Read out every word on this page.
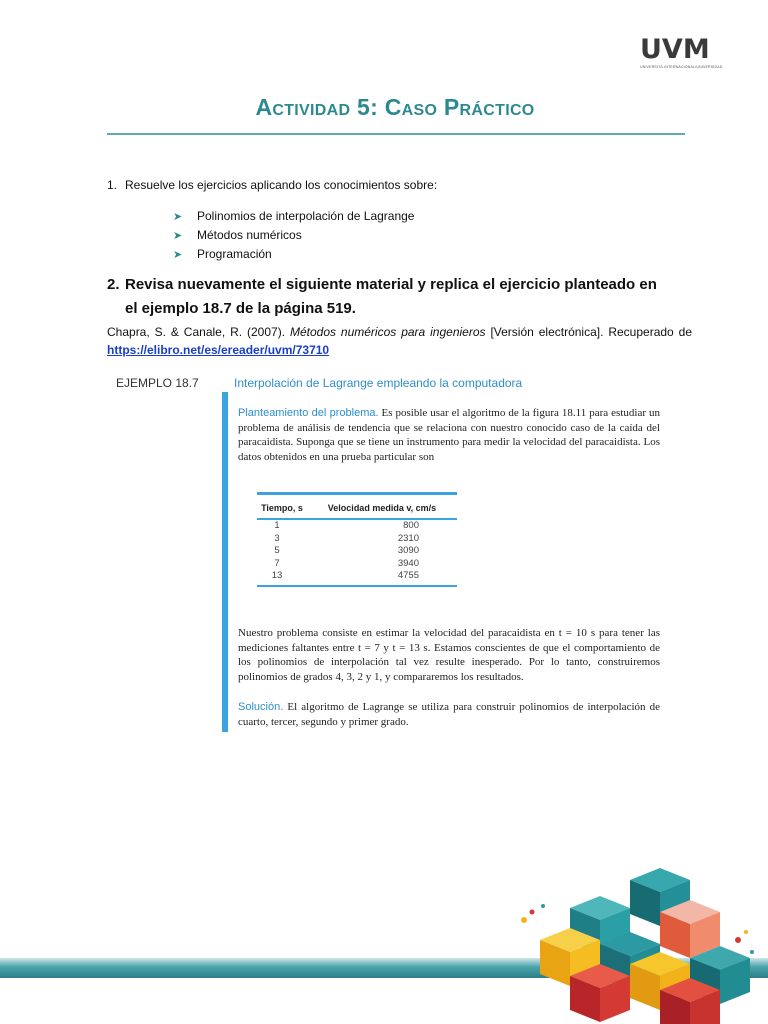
UVM
UNIVERSITÀ INTERNACIONAL/UNIVERSIDAD
Actividad 5: Caso Práctico
1. Resuelve los ejercicios aplicando los conocimientos sobre:
➤ Polinomios de interpolación de Lagrange
➤ Métodos numéricos
➤ Programación
2. Revisa nuevamente el siguiente material y replica el ejercicio planteado en
el ejemplo 18.7 de la página 519.
Chapra, S. & Canale, R. (2007). Métodos numéricos para ingenieros [Versión electrónica]. Recuperado de https://elibro.net/es/ereader/uvm/73710
EJEMPLO 18.7	Interpolación de Lagrange empleando la computadora
Planteamiento del problema. Es posible usar el algoritmo de la figura 18.11 para estudiar un problema de análisis de tendencia que se relaciona con nuestro conocido caso de la caída del paracaidista. Suponga que se tiene un instrumento para medir la velocidad del paracaidista. Los datos obtenidos en una prueba particular son
Tiempo, s	Velocidad medida v, cm/s
1	800
3	2310
5	3090
7	3940
13	4755
Nuestro problema consiste en estimar la velocidad del paracaidista en t = 10 s para tener las mediciones faltantes entre t = 7 y t = 13 s. Estamos conscientes de que el comportamiento de los polinomios de interpolación tal vez resulte inesperado. Por lo tanto, construiremos polinomios de grados 4, 3, 2 y 1, y compararemos los resultados.
Solución. El algoritmo de Lagrange se utiliza para construir polinomios de interpolación de cuarto, tercer, segundo y primer grado.
